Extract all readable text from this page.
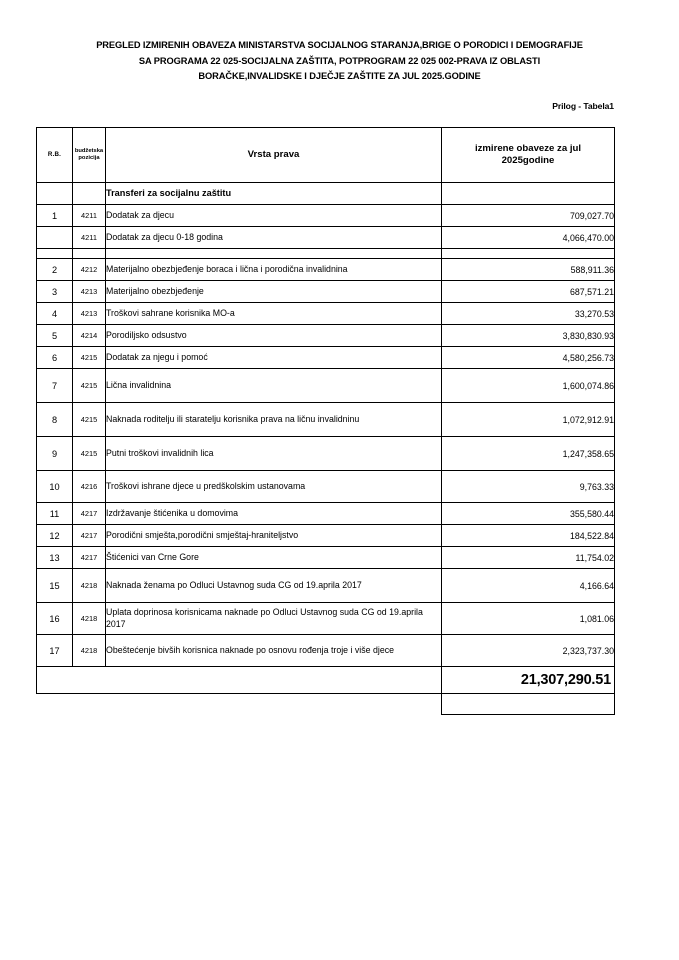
PREGLED IZMIRENIH OBAVEZA MINISTARSTVA SOCIJALNOG STARANJA,BRIGE O PORODICI I DEMOGRAFIJE
SA PROGRAMA 22 025-SOCIJALNA ZAŠTITA, POTPROGRAM 22 025 002-PRAVA IZ OBLASTI
BORAČKE,INVALIDSKE I DJEČJE ZAŠTITE ZA JUL 2025.GODINE
Prilog - Tabela1
R.B.	budžetska pozicija	Vrsta prava	izmirene obaveze za jul 2025godine
		Transferi za socijalnu zaštitu	
1	4211	Dodatak za djecu	709,027.70
	4211	Dodatak za djecu 0-18 godina	4,066,470.00

2	4212	Materijalno obezbjeđenje boraca i lična i porodična invalidnina	588,911.36
3	4213	Materijalno obezbjeđenje	687,571.21
4	4213	Troškovi sahrane korisnika MO-a	33,270.53
5	4214	Porodiljsko odsustvo	3,830,830.93
6	4215	Dodatak za njegu i pomoć	4,580,256.73
7	4215	Lična invalidnina	1,600,074.86
8	4215	Naknada roditelju ili staratelju korisnika prava na ličnu invalidninu	1,072,912.91
9	4215	Putni troškovi invalidnih lica	1,247,358.65
10	4216	Troškovi ishrane djece u predškolskim ustanovama	9,763.33
11	4217	Izdržavanje štićenika u domovima	355,580.44
12	4217	Porodični smješta,porodični smještaj-hraniteljstvo	184,522.84
13	4217	Štićenici van Crne Gore	11,754.02
15	4218	Naknada ženama po Odluci Ustavnog suda CG od 19.aprila 2017	4,166.64
16	4218	Uplata doprinosa korisnicama naknade po Odluci Ustavnog suda CG od 19.aprila 2017	1,081.06
17	4218	Obeštećenje bivših korisnica naknade po osnovu rođenja troje i više djece	2,323,737.30
			21,307,290.51
